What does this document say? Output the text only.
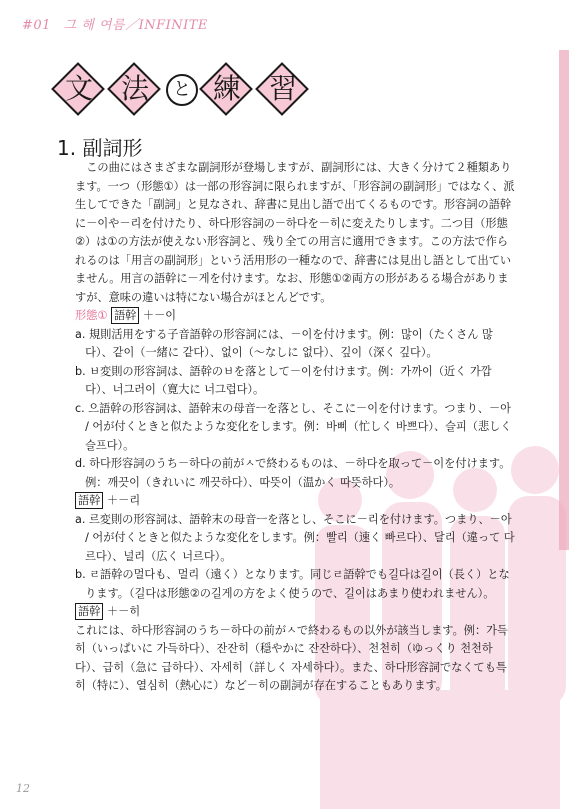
#01 그 해 여름／INFINITE
文 法	と 練 習
1. 副詞形

この曲にはさまざまな副詞形が登場しますが、副詞形には、大きく分けて２種類あります。一つ（形態①）は一部の形容詞に限られますが、「形容詞の副詞形」ではなく、派生してできた「副詞」と見なされ、辞書に見出し語で出てくるものです。形容詞の語幹に－이や－리を付けたり、하다形容詞の－하다を－히に変えたりします。二つ目（形態②）は①の方法が使えない形容詞と、残り全ての用言に適用できます。この方法で作られるのは「用言の副詞形」という活用形の一種なので、辞書には見出し語として出ていません。用言の語幹に－게を付けます。なお、形態①②両方の形があるる場合がありますが、意味の違いは特にない場合がほとんどです。

形態① 語幹 ＋－이

a. 規則活用をする子音語幹の形容詞には、－이を付けます。例：많이（たくさん 많다）、같이（一緒に 같다）、없이（～なしに 없다）、깊이（深く 깊다）。

b. ㅂ変則の形容詞は、語幹のㅂを落として－이を付けます。例：가까이（近く 가깝다）、너그러이（寛大に 너그럽다）。

c. 으語幹の形容詞は、語幹末の母音ㅡを落とし、そこに－이を付けます。つまり、－아 / 어が付くときと似たような変化をします。例：바삐（忙しく 바쁘다）、슬피（悲しく 슬프다）。

d. 하다形容詞のうち－하다の前がㅅで終わるものは、－하다を取って－이を付けます。例：깨끗이（きれいに 깨끗하다）、따뜻이（温かく 따뜻하다）。

語幹 ＋－리

a. 르変則の形容詞は、語幹末の母音ㅡを落とし、そこに－리を付けます。つまり、－아 / 어が付くときと似たような変化をします。例：빨리（速く 빠르다）、달리（違って 다르다）、널리（広く 너르다）。

b. ㄹ語幹の멀다も、멀리（遠く）となります。同じㄹ語幹でも길다は길이（長く）となります。（길다は形態②の길게の方をよく使うので、길이はあまり使われません）。

語幹 ＋－히

これには、하다形容詞のうち－하다の前がㅅで終わるもの以外が該当します。例：가득히（いっぱいに 가득하다）、잔잔히（穏やかに 잔잔하다）、천천히（ゆっくり 천천하다）、급히（急に 급하다）、자세히（詳しく 자세하다）。また、하다形容詞でなくても특히（特に）、열심히（熱心に）など－히の副詞が存在することもあります。

12
